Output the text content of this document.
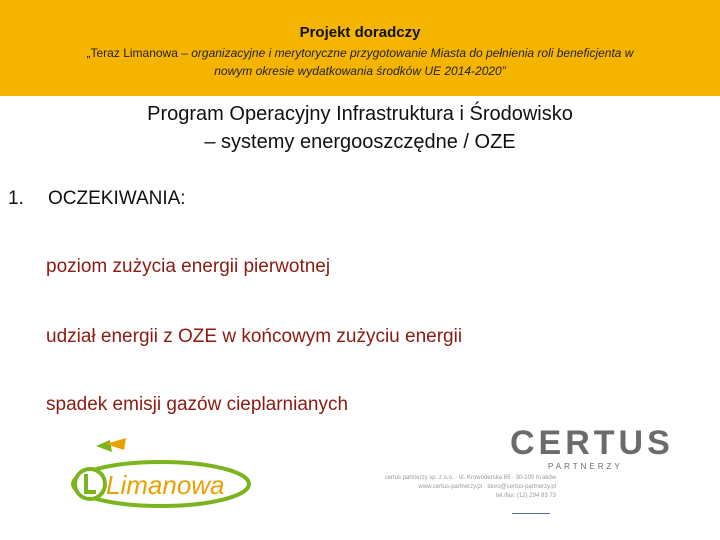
Projekt doradczy
„Teraz Limanowa – organizacyjne i merytoryczne przygotowanie Miasta do pełnienia roli beneficjenta w nowym okresie wydatkowania środków UE 2014-2020”
Program Operacyjny Infrastruktura i Środowisko
– systemy energooszczędne / OZE
1. OCZEKIWANIA:
poziom zużycia energii pierwotnej
udział energii z OZE w końcowym zużyciu energii
spadek emisji gazów cieplarnianych
Limanowa
CERTUS
PARTNERZY
certus partnerzy sp. z o.o. · ul. Krowoderska 65 · 30-100 Kraków
www.certus-partnerzy.pl · biuro@certus-partnerzy.pl
tel./fax: (12) 294 83 73
